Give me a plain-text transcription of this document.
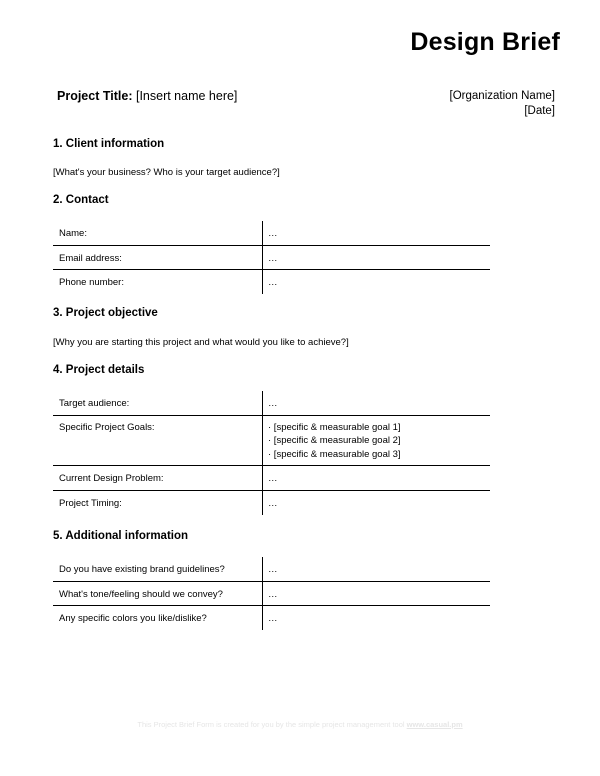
Design Brief
Project Title: [Insert name here]	[Organization Name]
[Date]
1. Client information
[What's your business? Who is your target audience?]
2. Contact
Name:	…
Email address:	…
Phone number:	…
3. Project objective
[Why you are starting this project and what would you like to achieve?]
4. Project details
Target audience:	…
Specific Project Goals:	· [specific & measurable goal 1]
· [specific & measurable goal 2]
· [specific & measurable goal 3]

Current Design Problem:	…
Project Timing:	…
5. Additional information
Do you have existing brand guidelines?	…
What's tone/feeling should we convey?	…
Any specific colors you like/dislike?	…
This Project Brief Form is created for you by the simple project management tool www.casual.pm
